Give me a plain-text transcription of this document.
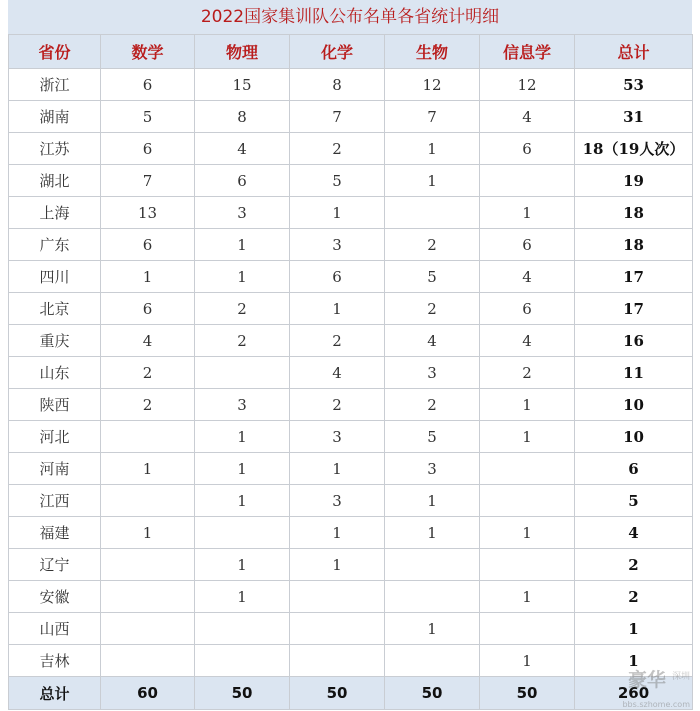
2022国家集训队公布名单各省统计明细
省份	数学	物理	化学	生物	信息学	总计
浙江	6	15	8	12	12	53
湖南	5	8	7	7	4	31
江苏	6	4	2	1	6	18（19人次）
湖北	7	6	5	1		19
上海	13	3	1		1	18
广东	6	1	3	2	6	18
四川	1	1	6	5	4	17
北京	6	2	1	2	6	17
重庆	4	2	2	4	4	16
山东	2		4	3	2	11
陕西	2	3	2	2	1	10
河北		1	3	5	1	10
河南	1	1	1	3		6
江西		1	3	1		5
福建	1		1	1	1	4
辽宁		1	1			2
安徽		1			1	2
山西				1		1
吉林					1	1
总计	60	50	50	50	50	260
豪华 深圳
bbs.szhome.com
